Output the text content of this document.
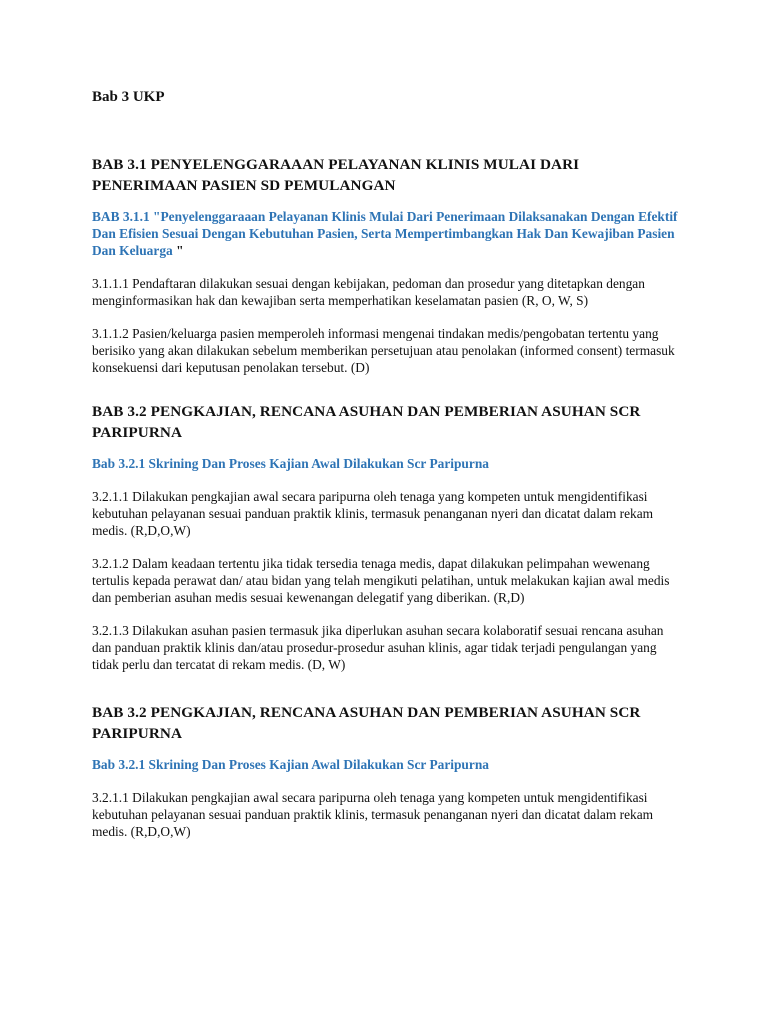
Bab 3 UKP
BAB 3.1 PENYELENGGARAAAN PELAYANAN KLINIS MULAI DARI PENERIMAAN PASIEN SD PEMULANGAN
BAB 3.1.1 "Penyelenggaraaan Pelayanan Klinis Mulai Dari Penerimaan Dilaksanakan Dengan Efektif Dan Efisien Sesuai Dengan Kebutuhan Pasien, Serta Mempertimbangkan Hak Dan Kewajiban Pasien Dan Keluarga "
3.1.1.1 Pendaftaran dilakukan sesuai dengan kebijakan, pedoman dan prosedur yang ditetapkan dengan menginformasikan hak dan kewajiban serta memperhatikan keselamatan pasien (R, O, W, S)
3.1.1.2 Pasien/keluarga pasien memperoleh informasi mengenai tindakan medis/pengobatan tertentu yang berisiko yang akan dilakukan sebelum memberikan persetujuan atau penolakan (informed consent) termasuk konsekuensi dari keputusan penolakan tersebut. (D)
BAB 3.2 PENGKAJIAN, RENCANA ASUHAN DAN PEMBERIAN ASUHAN SCR PARIPURNA
Bab 3.2.1 Skrining Dan Proses Kajian Awal Dilakukan Scr Paripurna
3.2.1.1 Dilakukan pengkajian awal secara paripurna oleh tenaga yang kompeten untuk mengidentifikasi kebutuhan pelayanan sesuai panduan praktik klinis, termasuk penanganan nyeri dan dicatat dalam rekam medis. (R,D,O,W)
3.2.1.2 Dalam keadaan tertentu jika tidak tersedia tenaga medis, dapat dilakukan pelimpahan wewenang tertulis kepada perawat dan/ atau bidan yang telah mengikuti pelatihan, untuk melakukan kajian awal medis dan pemberian asuhan medis sesuai kewenangan delegatif yang diberikan. (R,D)
3.2.1.3 Dilakukan asuhan pasien termasuk jika diperlukan asuhan secara kolaboratif sesuai rencana asuhan dan panduan praktik klinis dan/atau prosedur-prosedur asuhan klinis, agar tidak terjadi pengulangan yang tidak perlu dan tercatat di rekam medis. (D, W)
BAB 3.2 PENGKAJIAN, RENCANA ASUHAN DAN PEMBERIAN ASUHAN SCR PARIPURNA
Bab 3.2.1 Skrining Dan Proses Kajian Awal Dilakukan Scr Paripurna
3.2.1.1 Dilakukan pengkajian awal secara paripurna oleh tenaga yang kompeten untuk mengidentifikasi kebutuhan pelayanan sesuai panduan praktik klinis, termasuk penanganan nyeri dan dicatat dalam rekam medis. (R,D,O,W)
